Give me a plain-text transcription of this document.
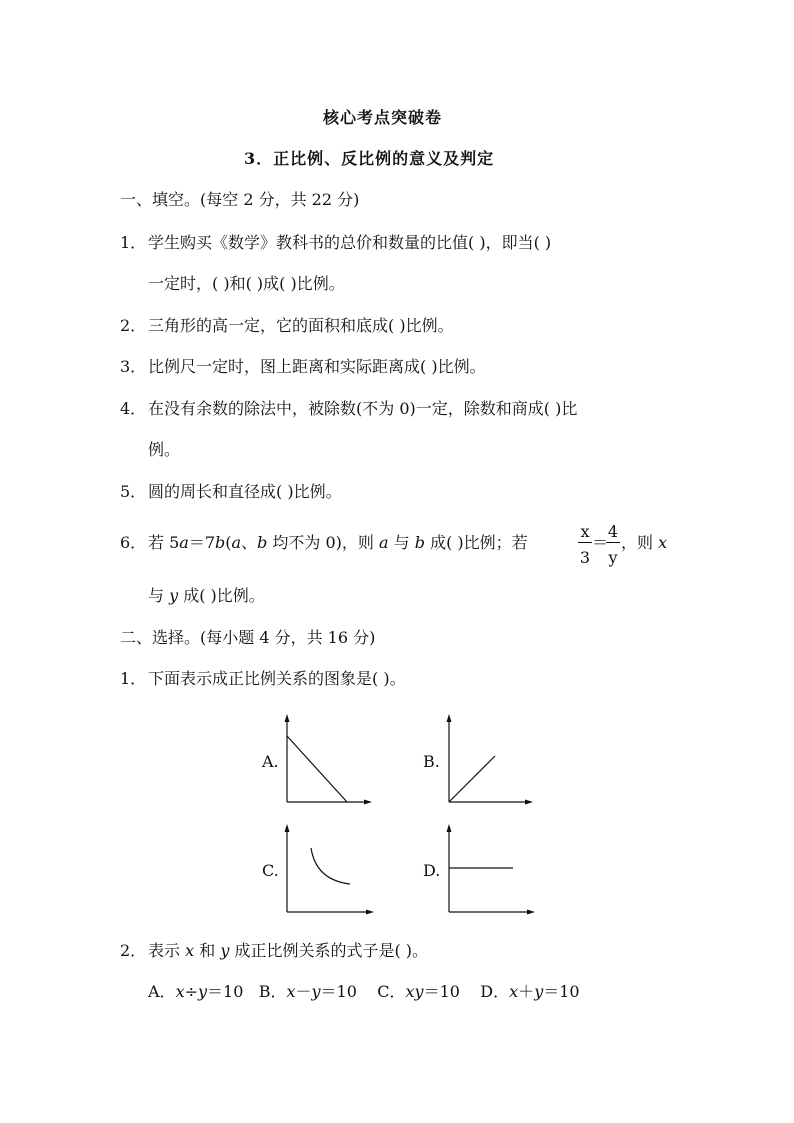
核心考点突破卷
3．正比例、反比例的意义及判定
一、填空。(每空 2 分，共 22 分)
1． 学生购买《数学》教科书的总价和数量的比值( )，即当( )
一定时，( )和( )成( )比例。
2． 三角形的高一定，它的面积和底成( )比例。
3． 比例尺一定时，图上距离和实际距离成( )比例。
4． 在没有余数的除法中，被除数(不为 0)一定，除数和商成( )比
例。
5． 圆的周长和直径成( )比例。
6． 若 5a＝7b(a、b 均不为 0)，则 a 与 b 成( )比例；若
x
3
＝
4
y
，则 x
与 y 成( )比例。
二、选择。(每小题 4 分，共 16 分)
1． 下面表示成正比例关系的图象是( )。
A.	B.
C.	D.
2． 表示 x 和 y 成正比例关系的式子是( )。
A．x÷y＝10 B．x－y＝10 C．xy＝10 D．x＋y＝10
